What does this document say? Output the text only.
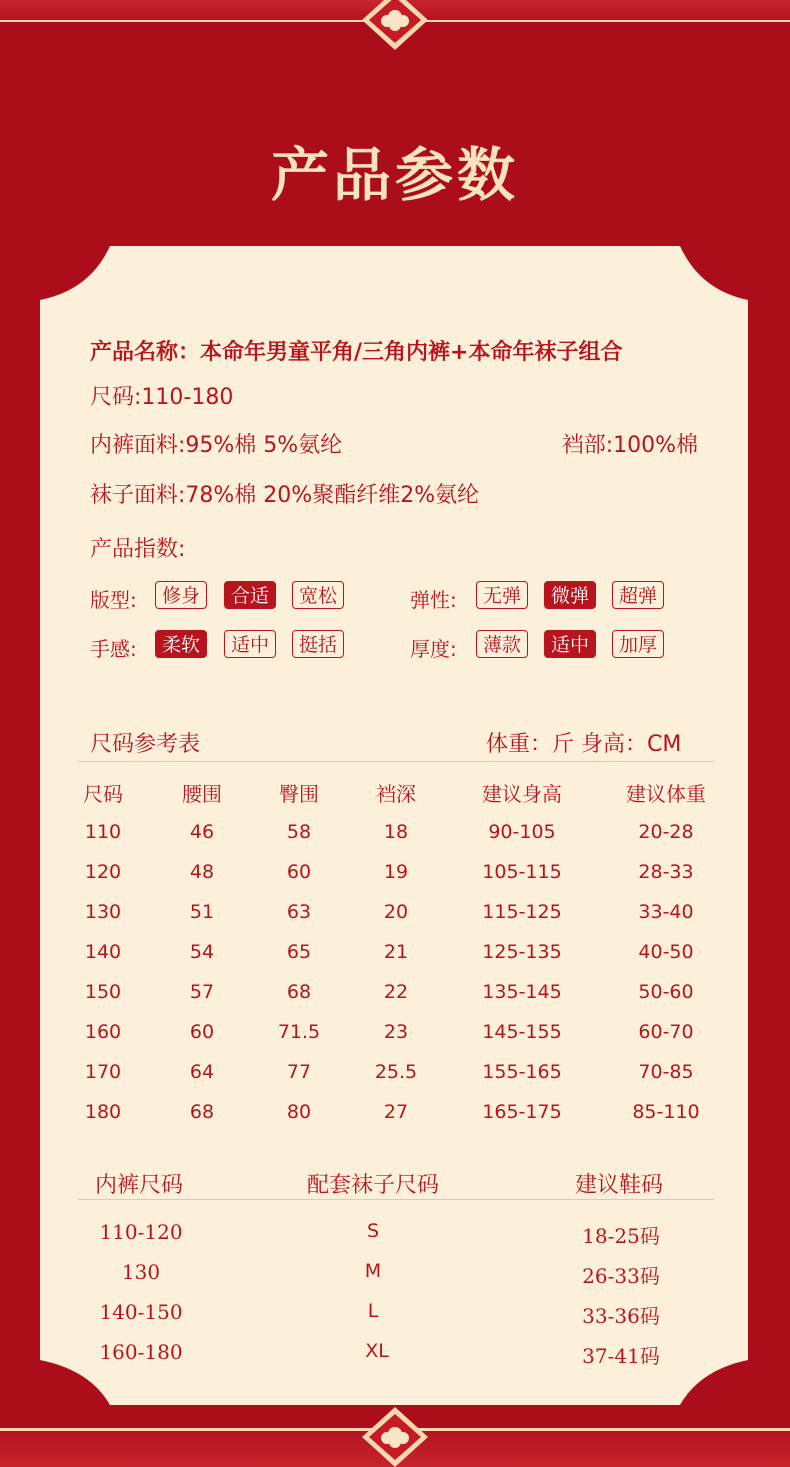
产品参数
产品名称：本命年男童平角/三角内裤+本命年袜子组合
尺码:110-180
内裤面料:95%棉 5%氨纶	裆部:100%棉
袜子面料:78%棉 20%聚酯纤维2%氨纶
产品指数:
版型:	修身	合适	宽松	弹性:	无弹	微弹	超弹
手感:	柔软	适中	挺括	厚度:	薄款	适中	加厚
尺码参考表	体重：斤 身高：CM
尺码	腰围	臀围	裆深	建议身高	建议体重
110	46	58	18	90-105	20-28
120	48	60	19	105-115	28-33
130	51	63	20	115-125	33-40
140	54	65	21	125-135	40-50
150	57	68	22	135-145	50-60
160	60	71.5	23	145-155	60-70
170	64	77	25.5	155-165	70-85
180	68	80	27	165-175	85-110
内裤尺码	配套袜子尺码	建议鞋码
110-120	S	18-25码
130	M	26-33码
140-150	L	33-36码
160-180	XL	37-41码
